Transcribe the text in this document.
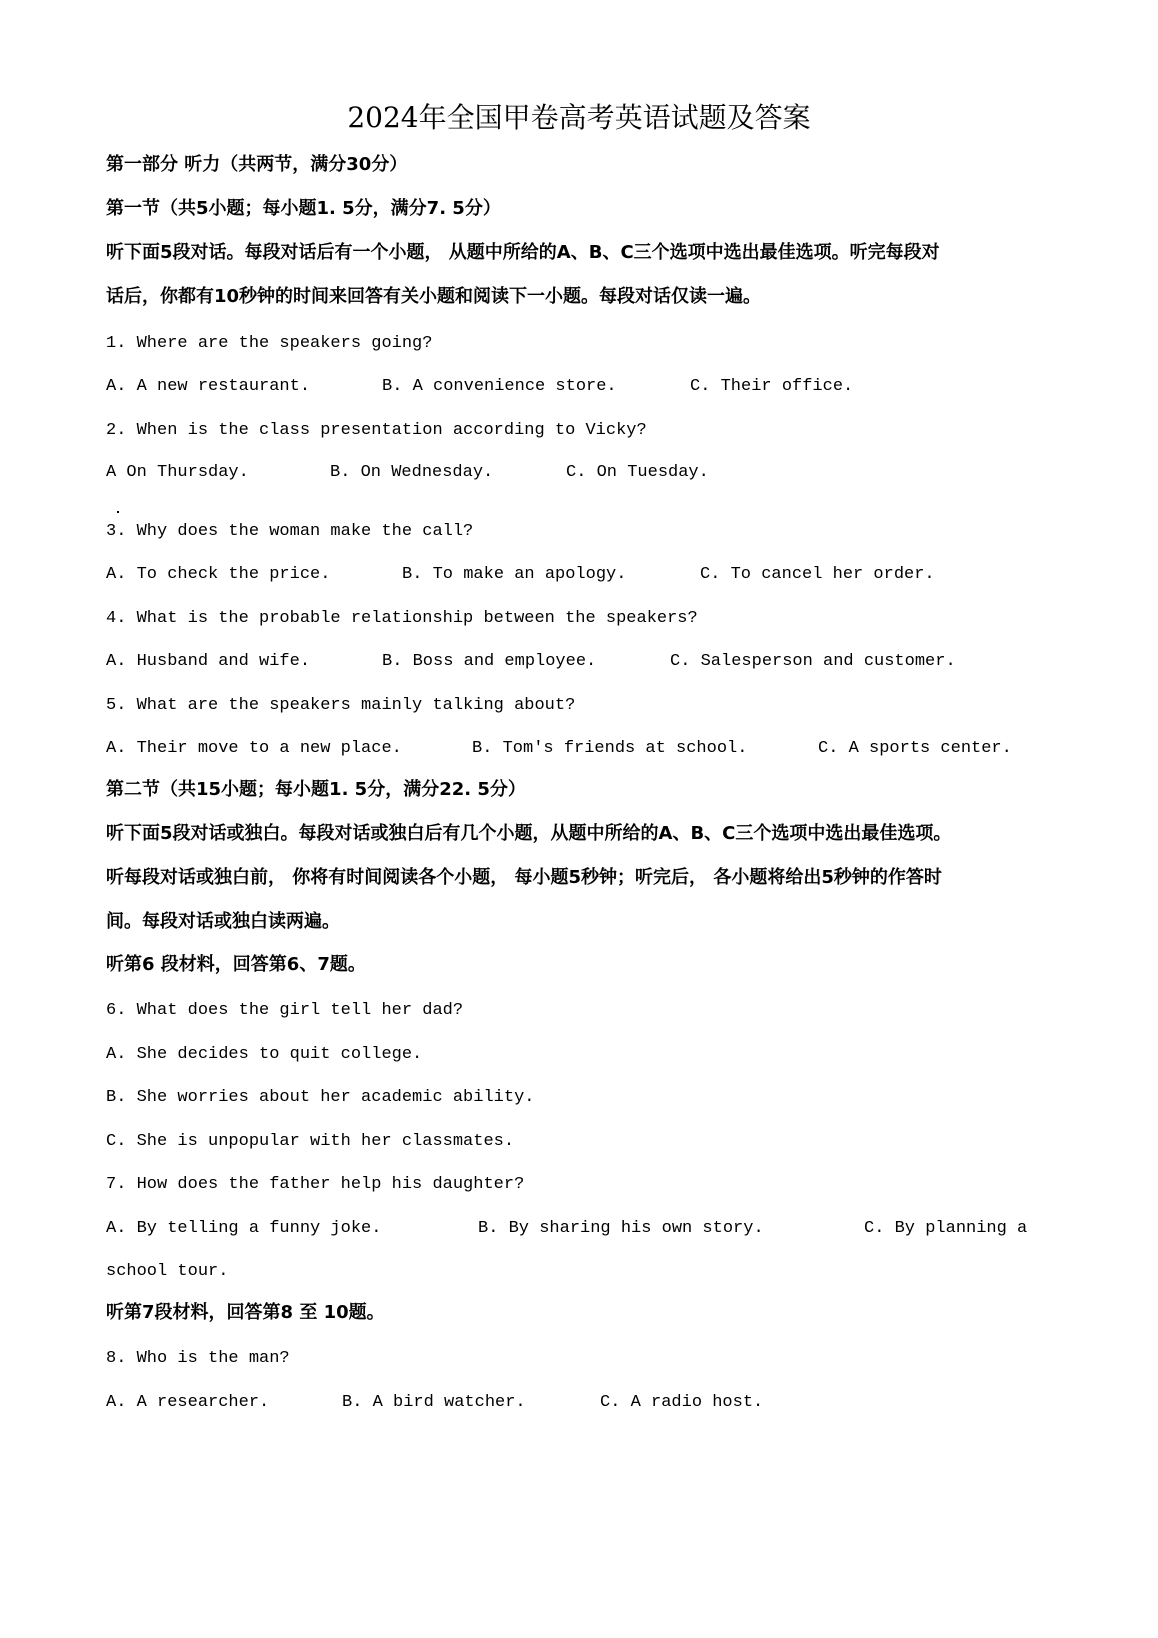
2024年全国甲卷高考英语试题及答案
第一部分 听力（共两节，满分30分）
第一节（共5小题；每小题1. 5分，满分7. 5分）
听下面5段对话。每段对话后有一个小题， 从题中所给的A、B、C三个选项中选出最佳选项。听完每段对
话后，你都有10秒钟的时间来回答有关小题和阅读下一小题。每段对话仅读一遍。
1. Where are the speakers going?
A. A new restaurant.	B. A convenience store.	C. Their office.
2. When is the class presentation according to Vicky?
A On Thursday.	B. On Wednesday.	C. On Tuesday.
3. Why does the woman make the call?
A. To check the price.	B. To make an apology.	C. To cancel her order.
4. What is the probable relationship between the speakers?
A. Husband and wife.	B. Boss and employee.	C. Salesperson and customer.
5. What are the speakers mainly talking about?
A. Their move to a new place.	B. Tom's friends at school.	C. A sports center.
第二节（共15小题；每小题1. 5分，满分22. 5分）
听下面5段对话或独白。每段对话或独白后有几个小题，从题中所给的A、B、C三个选项中选出最佳选项。
听每段对话或独白前， 你将有时间阅读各个小题， 每小题5秒钟；听完后， 各小题将给出5秒钟的作答时
间。每段对话或独白读两遍。
听第6 段材料，回答第6、7题。
6. What does the girl tell her dad?
A. She decides to quit college.
B. She worries about her academic ability.
C. She is unpopular with her classmates.
7. How does the father help his daughter?
A. By telling a funny joke.	B. By sharing his own story.	C. By planning a
school tour.
听第7段材料，回答第8 至 10题。
8. Who is the man?
A. A researcher.	B. A bird watcher.	C. A radio host.
